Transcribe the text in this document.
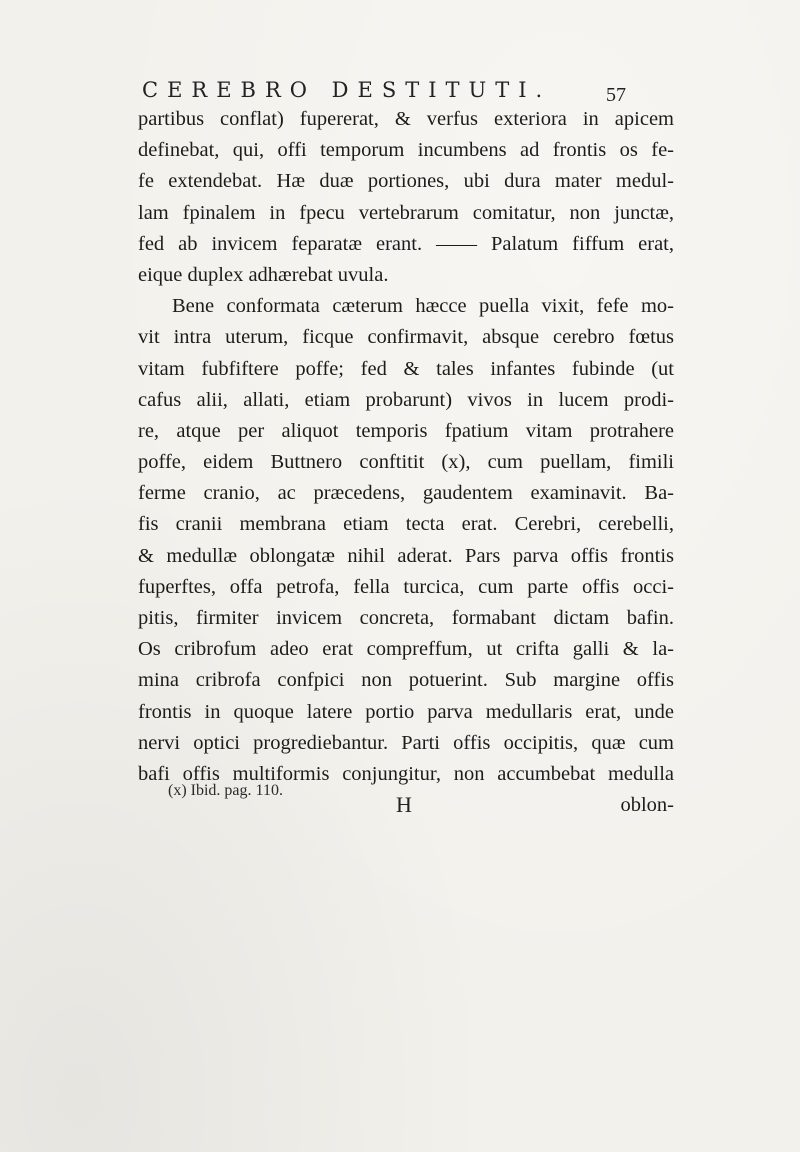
CEREBRO DESTITUTI.	57
partibus conflat) fupererat, & verfus exteriora in apicem
definebat, qui, offi temporum incumbens ad frontis os fe-
fe extendebat. Hæ duæ portiones, ubi dura mater medul-
lam fpinalem in fpecu vertebrarum comitatur, non junctæ,
fed ab invicem feparatæ erant. —— Palatum fiffum erat,
eique duplex adhærebat uvula.
Bene conformata cæterum hæcce puella vixit, fefe mo-
vit intra uterum, ficque confirmavit, absque cerebro fœtus
vitam fubfiftere poffe; fed & tales infantes fubinde (ut
cafus alii, allati, etiam probarunt) vivos in lucem prodi-
re, atque per aliquot temporis fpatium vitam protrahere
poffe, eidem Buttnero conftitit (x), cum puellam, fimili
ferme cranio, ac præcedens, gaudentem examinavit. Ba-
fis cranii membrana etiam tecta erat. Cerebri, cerebelli,
& medullæ oblongatæ nihil aderat. Pars parva offis frontis
fuperftes, offa petrofa, fella turcica, cum parte offis occi-
pitis, firmiter invicem concreta, formabant dictam bafin.
Os cribrofum adeo erat compreffum, ut crifta galli & la-
mina cribrofa confpici non potuerint. Sub margine offis
frontis in quoque latere portio parva medullaris erat, unde
nervi optici progrediebantur. Parti offis occipitis, quæ cum
bafi offis multiformis conjungitur, non accumbebat medulla
oblon-
(x) Ibid. pag. 110.
H
